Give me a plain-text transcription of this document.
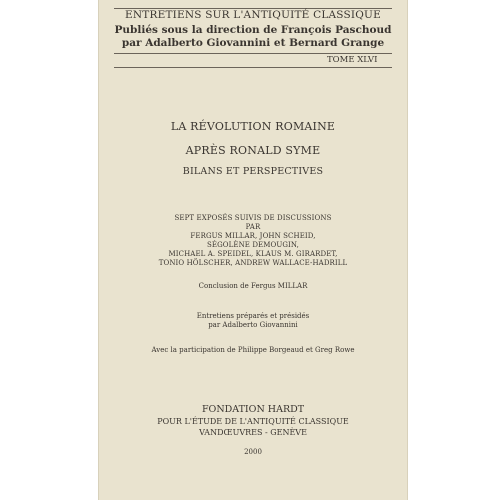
ENTRETIENS SUR L'ANTIQUITÉ CLASSIQUE
Publiés sous la direction de François Paschoud
par Adalberto Giovannini et Bernard Grange
TOME XLVI
LA RÉVOLUTION ROMAINE
APRÈS RONALD SYME
BILANS ET PERSPECTIVES
SEPT EXPOSÉS SUIVIS DE DISCUSSIONS
PAR
FERGUS MILLAR, JOHN SCHEID,
SÉGOLÈNE DEMOUGIN,
MICHAEL A. SPEIDEL, KLAUS M. GIRARDET,
TONIO HÖLSCHER, ANDREW WALLACE-HADRILL
Conclusion de Fergus MILLAR
Entretiens préparés et présidés
par Adalberto Giovannini
Avec la participation de Philippe Borgeaud et Greg Rowe
FONDATION HARDT
POUR L'ÉTUDE DE L'ANTIQUITÉ CLASSIQUE
VANDŒUVRES - GENÈVE
2000
